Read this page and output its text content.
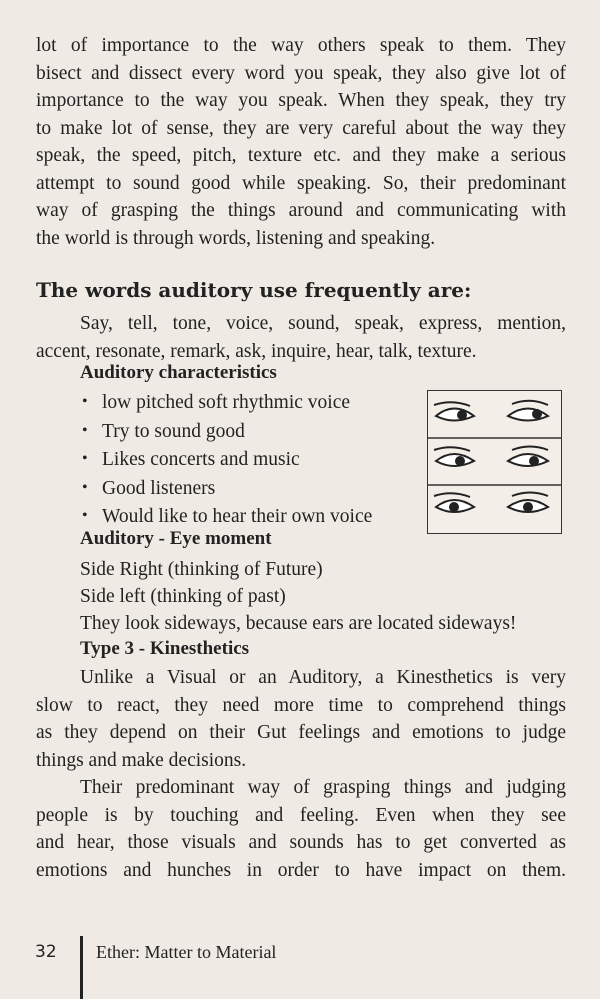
lot of importance to the way others speak to them. They
bisect and dissect every word you speak, they also give lot of
importance to the way you speak. When they speak, they try
to make lot of sense, they are very careful about the way they
speak, the speed, pitch, texture etc. and they make a serious
attempt to sound good while speaking. So, their predominant
way of grasping the things around and communicating with
the world is through words, listening and speaking.
The words auditory use frequently are:
Say, tell, tone, voice, sound, speak, express, mention,
accent, resonate, remark, ask, inquire, hear, talk, texture.
Auditory characteristics
• low pitched soft rhythmic voice
• Try to sound good
• Likes concerts and music
• Good listeners
• Would like to hear their own voice
Auditory - Eye moment
Side Right (thinking of Future)
Side left (thinking of past)
They look sideways, because ears are located sideways!
Type 3 - Kinesthetics
Unlike a Visual or an Auditory, a Kinesthetics is very
slow to react, they need more time to comprehend things
as they depend on their Gut feelings and emotions to judge
things and make decisions.
Their predominant way of grasping things and judging
people is by touching and feeling. Even when they see
and hear, those visuals and sounds has to get converted as
emotions and hunches in order to have impact on them.
32 Ether: Matter to Material
